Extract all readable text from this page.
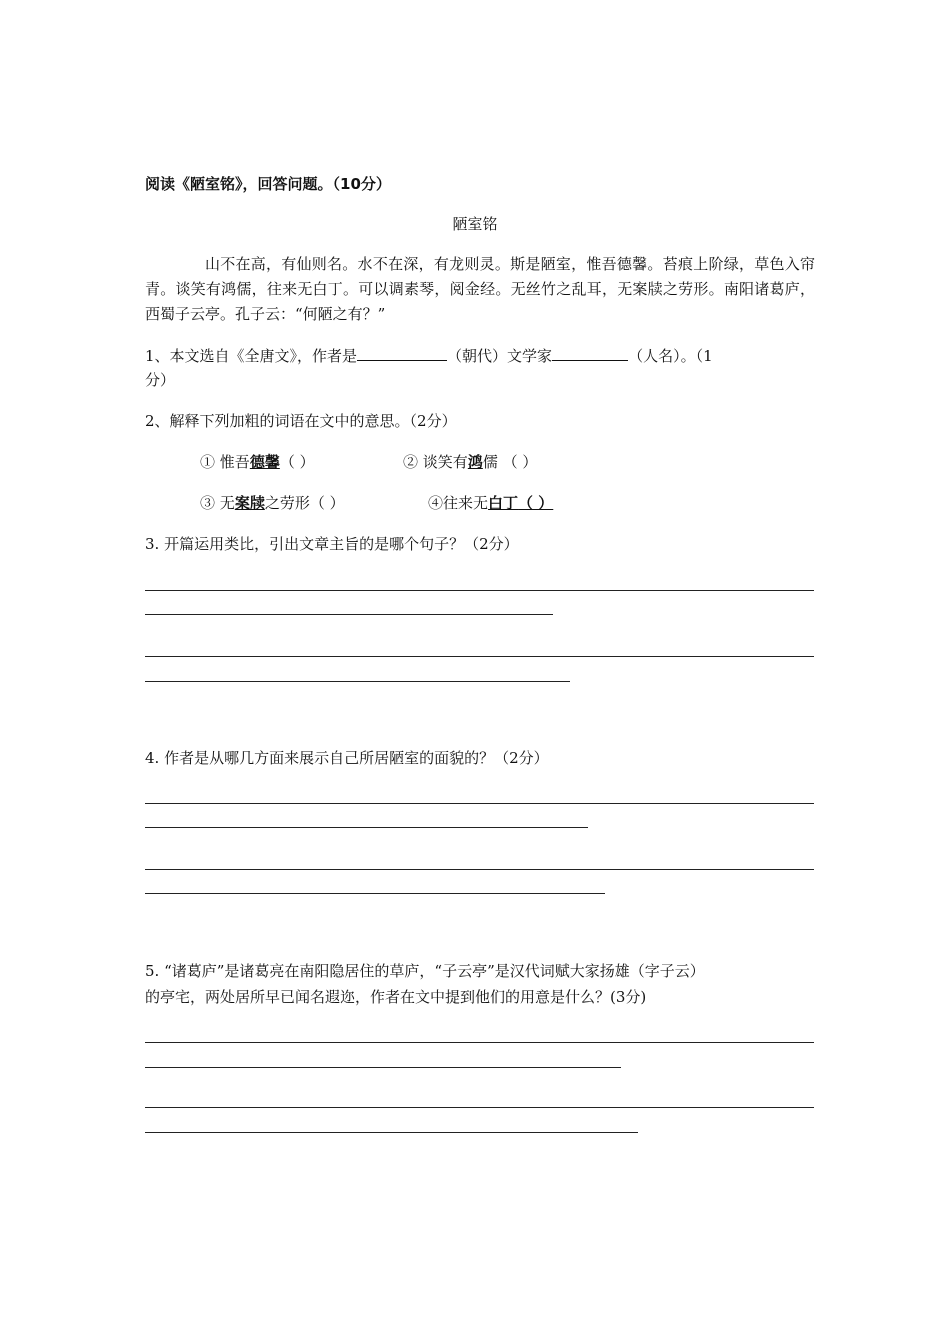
阅读《陋室铭》，回答问题。（10分）
陋室铭
山不在高，有仙则名。水不在深，有龙则灵。斯是陋室，惟吾德馨。苔痕上阶绿，草色入帘青。谈笑有鸿儒，往来无白丁。可以调素琴，阅金经。无丝竹之乱耳，无案牍之劳形。南阳诸葛庐，西蜀子云亭。孔子云：“何陋之有？”
1、本文选自《全唐文》，作者是	（朝代）文学家	（人名）。（1
分）
2、解释下列加粗的词语在文中的意思。（2分）
① 惟吾德馨（ ）	② 谈笑有鸿儒 （ ）
③ 无案牍之劳形（ ）	④往来无白丁（ ）
3. 开篇运用类比，引出文章主旨的是哪个句子？（2分）
4. 作者是从哪几方面来展示自己所居陋室的面貌的？（2分）
5. “诸葛庐”是诸葛亮在南阳隐居住的草庐，“子云亭”是汉代词赋大家扬雄（字子云）
的亭宅，两处居所早已闻名遐迩，作者在文中提到他们的用意是什么？(3分)
